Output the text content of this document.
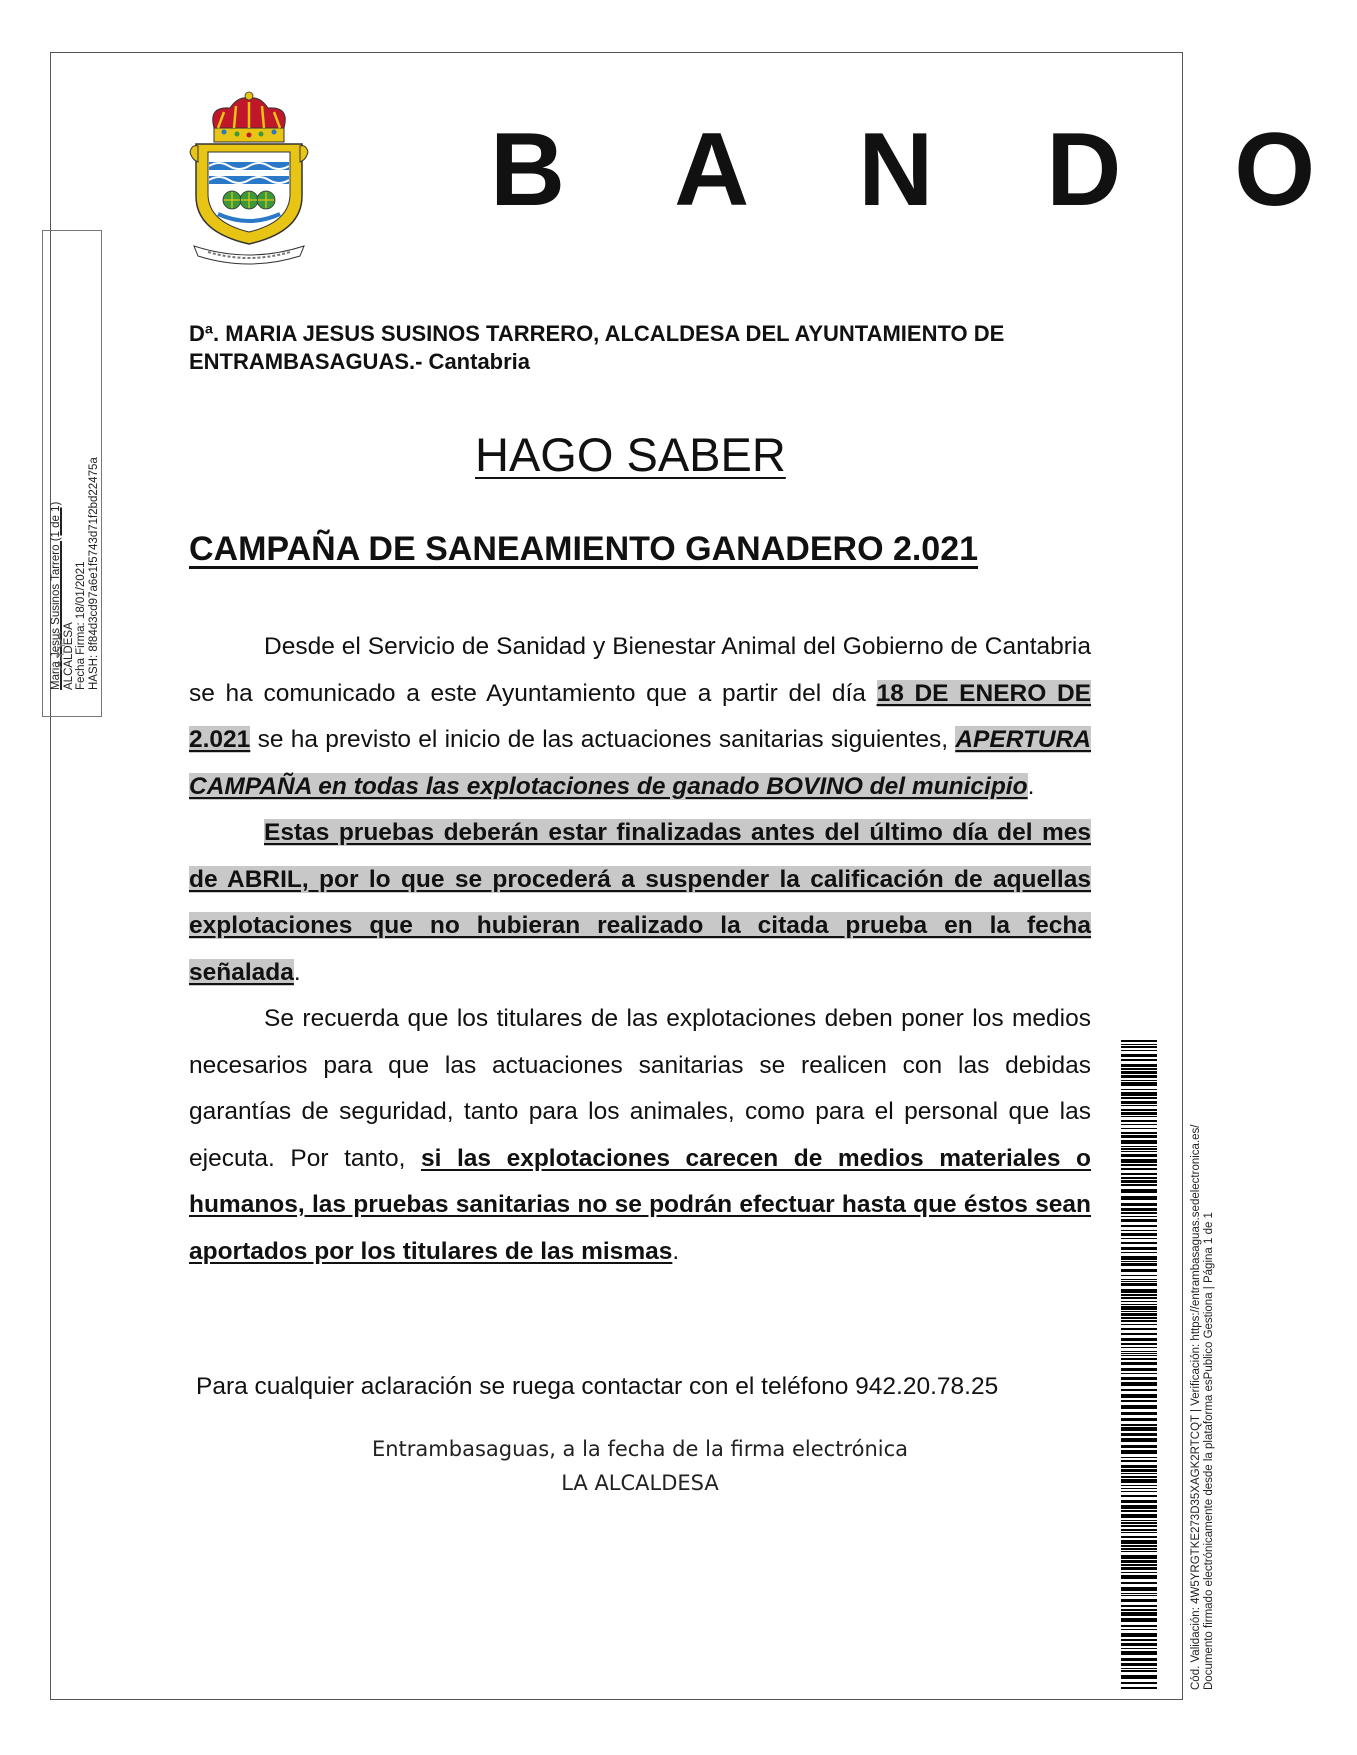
Maria Jesus Susinos Tarrero (1 de 1) ALCALDESA Fecha Firma: 18/01/2021 HASH: 8f84d3cd97a6e1f5743d71f2bd22475a
B A N D O
Dª. MARIA JESUS SUSINOS TARRERO, ALCALDESA DEL AYUNTAMIENTO DE ENTRAMBASAGUAS.- Cantabria
HAGO SABER
CAMPAÑA DE SANEAMIENTO GANADERO 2.021

Desde el Servicio de Sanidad y Bienestar Animal del Gobierno de Cantabria se ha comunicado a este Ayuntamiento que a partir del día 18 DE ENERO DE 2.021 se ha previsto el inicio de las actuaciones sanitarias siguientes, APERTURA CAMPAÑA en todas las explotaciones de ganado BOVINO del municipio.

Estas pruebas deberán estar finalizadas antes del último día del mes de ABRIL, por lo que se procederá a suspender la calificación de aquellas explotaciones que no hubieran realizado la citada prueba en la fecha señalada.

Se recuerda que los titulares de las explotaciones deben poner los medios necesarios para que las actuaciones sanitarias se realicen con las debidas garantías de seguridad, tanto para los animales, como para el personal que las ejecuta. Por tanto, si las explotaciones carecen de medios materiales o humanos, las pruebas sanitarias no se podrán efectuar hasta que éstos sean aportados por los titulares de las mismas.

Para cualquier aclaración se ruega contactar con el teléfono 942.20.78.25
Entrambasaguas, a la fecha de la firma electrónica
LA ALCALDESA	Cód. Validación: 4W5YRGTKE273D35XAGK2RTCQT | Verificación: https://entrambasaguas.sedelectronica.es/ Documento firmado electrónicamente desde la plataforma esPublico Gestiona | Página 1 de 1
